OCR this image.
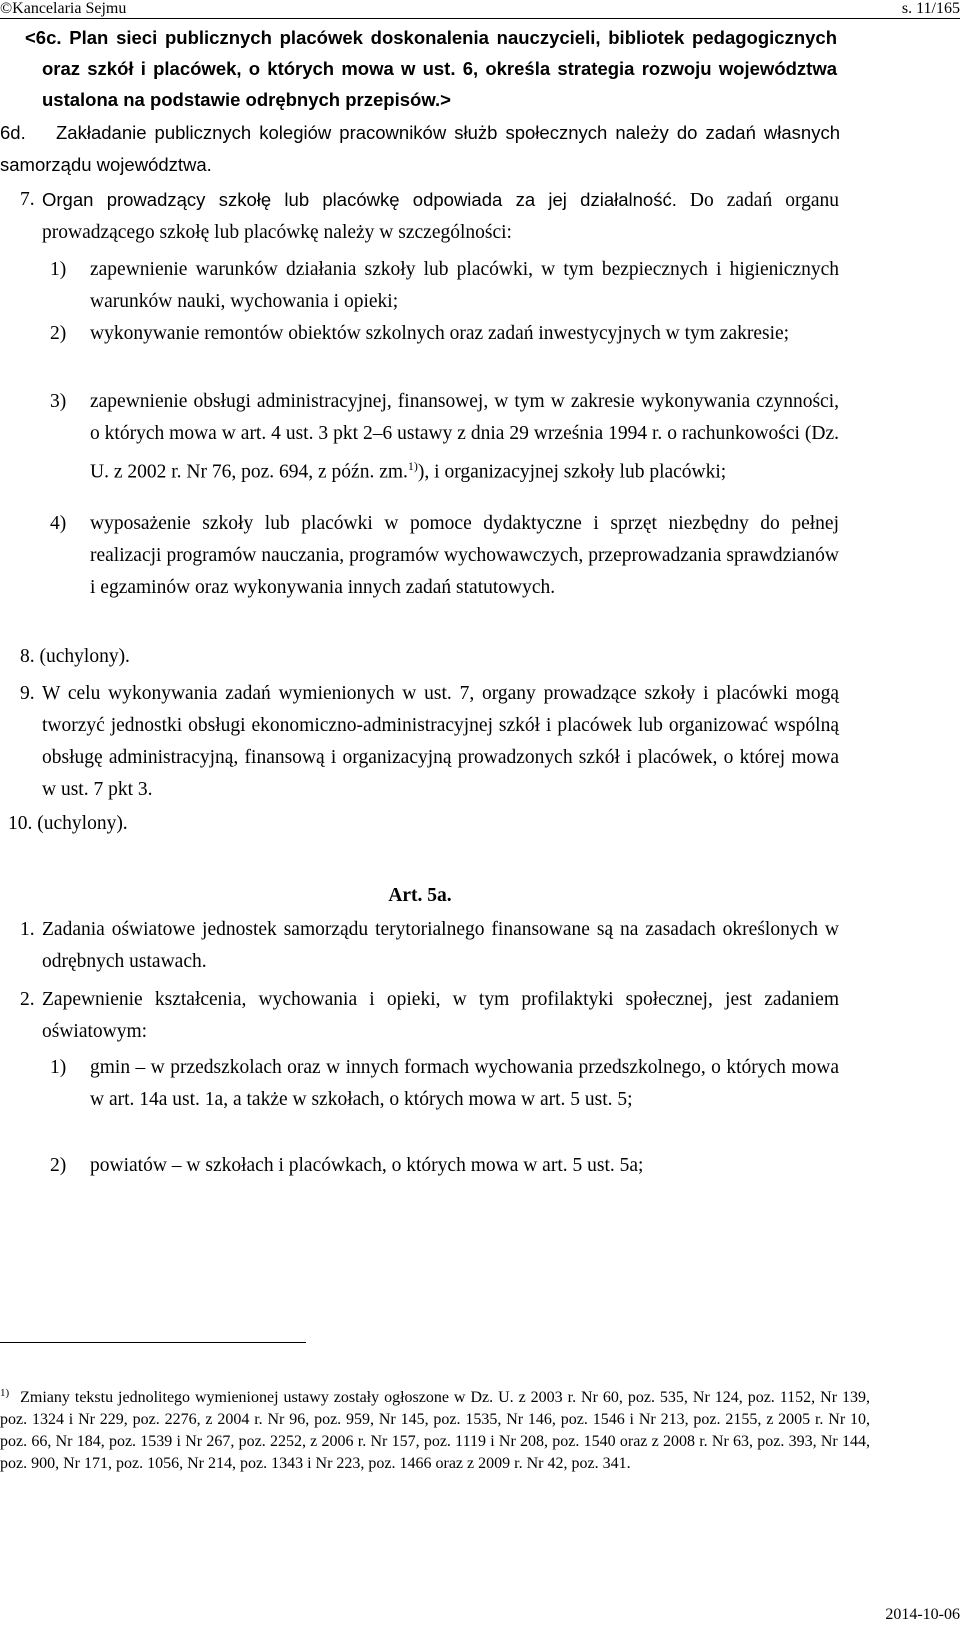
©Kancelaria Sejmu	s. 11/165
<6c. Plan sieci publicznych placówek doskonalenia nauczycieli, bibliotek pedagogicznych oraz szkół i placówek, o których mowa w ust. 6, określa strategia rozwoju województwa ustalona na podstawie odrębnych przepisów.>
6d.	Zakładanie publicznych kolegiów pracowników służb społecznych należy do zadań własnych samorządu województwa.
7. Organ prowadzący szkołę lub placówkę odpowiada za jej działalność. Do zadań organu prowadzącego szkołę lub placówkę należy w szczególności:
1) zapewnienie warunków działania szkoły lub placówki, w tym bezpiecznych i higienicznych warunków nauki, wychowania i opieki;
2) wykonywanie remontów obiektów szkolnych oraz zadań inwestycyjnych w tym zakresie;
3) zapewnienie obsługi administracyjnej, finansowej, w tym w zakresie wykonywania czynności, o których mowa w art. 4 ust. 3 pkt 2–6 ustawy z dnia 29 września 1994 r. o rachunkowości (Dz. U. z 2002 r. Nr 76, poz. 694, z późn. zm.$^{1)}$), i organizacyjnej szkoły lub placówki;
4) wyposażenie szkoły lub placówki w pomoce dydaktyczne i sprzęt niezbędny do pełnej realizacji programów nauczania, programów wychowawczych, przeprowadzania sprawdzianów i egzaminów oraz wykonywania innych zadań statutowych.
8. (uchylony).
9. W celu wykonywania zadań wymienionych w ust. 7, organy prowadzące szkoły i placówki mogą tworzyć jednostki obsługi ekonomiczno-administracyjnej szkół i placówek lub organizować wspólną obsługę administracyjną, finansową i organizacyjną prowadzonych szkół i placówek, o której mowa w ust. 7 pkt 3.
10. (uchylony).
Art. 5a.
1. Zadania oświatowe jednostek samorządu terytorialnego finansowane są na zasadach określonych w odrębnych ustawach.
2. Zapewnienie kształcenia, wychowania i opieki, w tym profilaktyki społecznej, jest zadaniem oświatowym:
1) gmin – w przedszkolach oraz w innych formach wychowania przedszkolnego, o których mowa w art. 14a ust. 1a, a także w szkołach, o których mowa w art. 5 ust. 5;
2) powiatów – w szkołach i placówkach, o których mowa w art. 5 ust. 5a;
$^{1)}$ Zmiany tekstu jednolitego wymienionej ustawy zostały ogłoszone w Dz. U. z 2003 r. Nr 60, poz. 535, Nr 124, poz. 1152, Nr 139, poz. 1324 i Nr 229, poz. 2276, z 2004 r. Nr 96, poz. 959, Nr 145, poz. 1535, Nr 146, poz. 1546 i Nr 213, poz. 2155, z 2005 r. Nr 10, poz. 66, Nr 184, poz. 1539 i Nr 267, poz. 2252, z 2006 r. Nr 157, poz. 1119 i Nr 208, poz. 1540 oraz z 2008 r. Nr 63, poz. 393, Nr 144, poz. 900, Nr 171, poz. 1056, Nr 214, poz. 1343 i Nr 223, poz. 1466 oraz z 2009 r. Nr 42, poz. 341.
2014-10-06
